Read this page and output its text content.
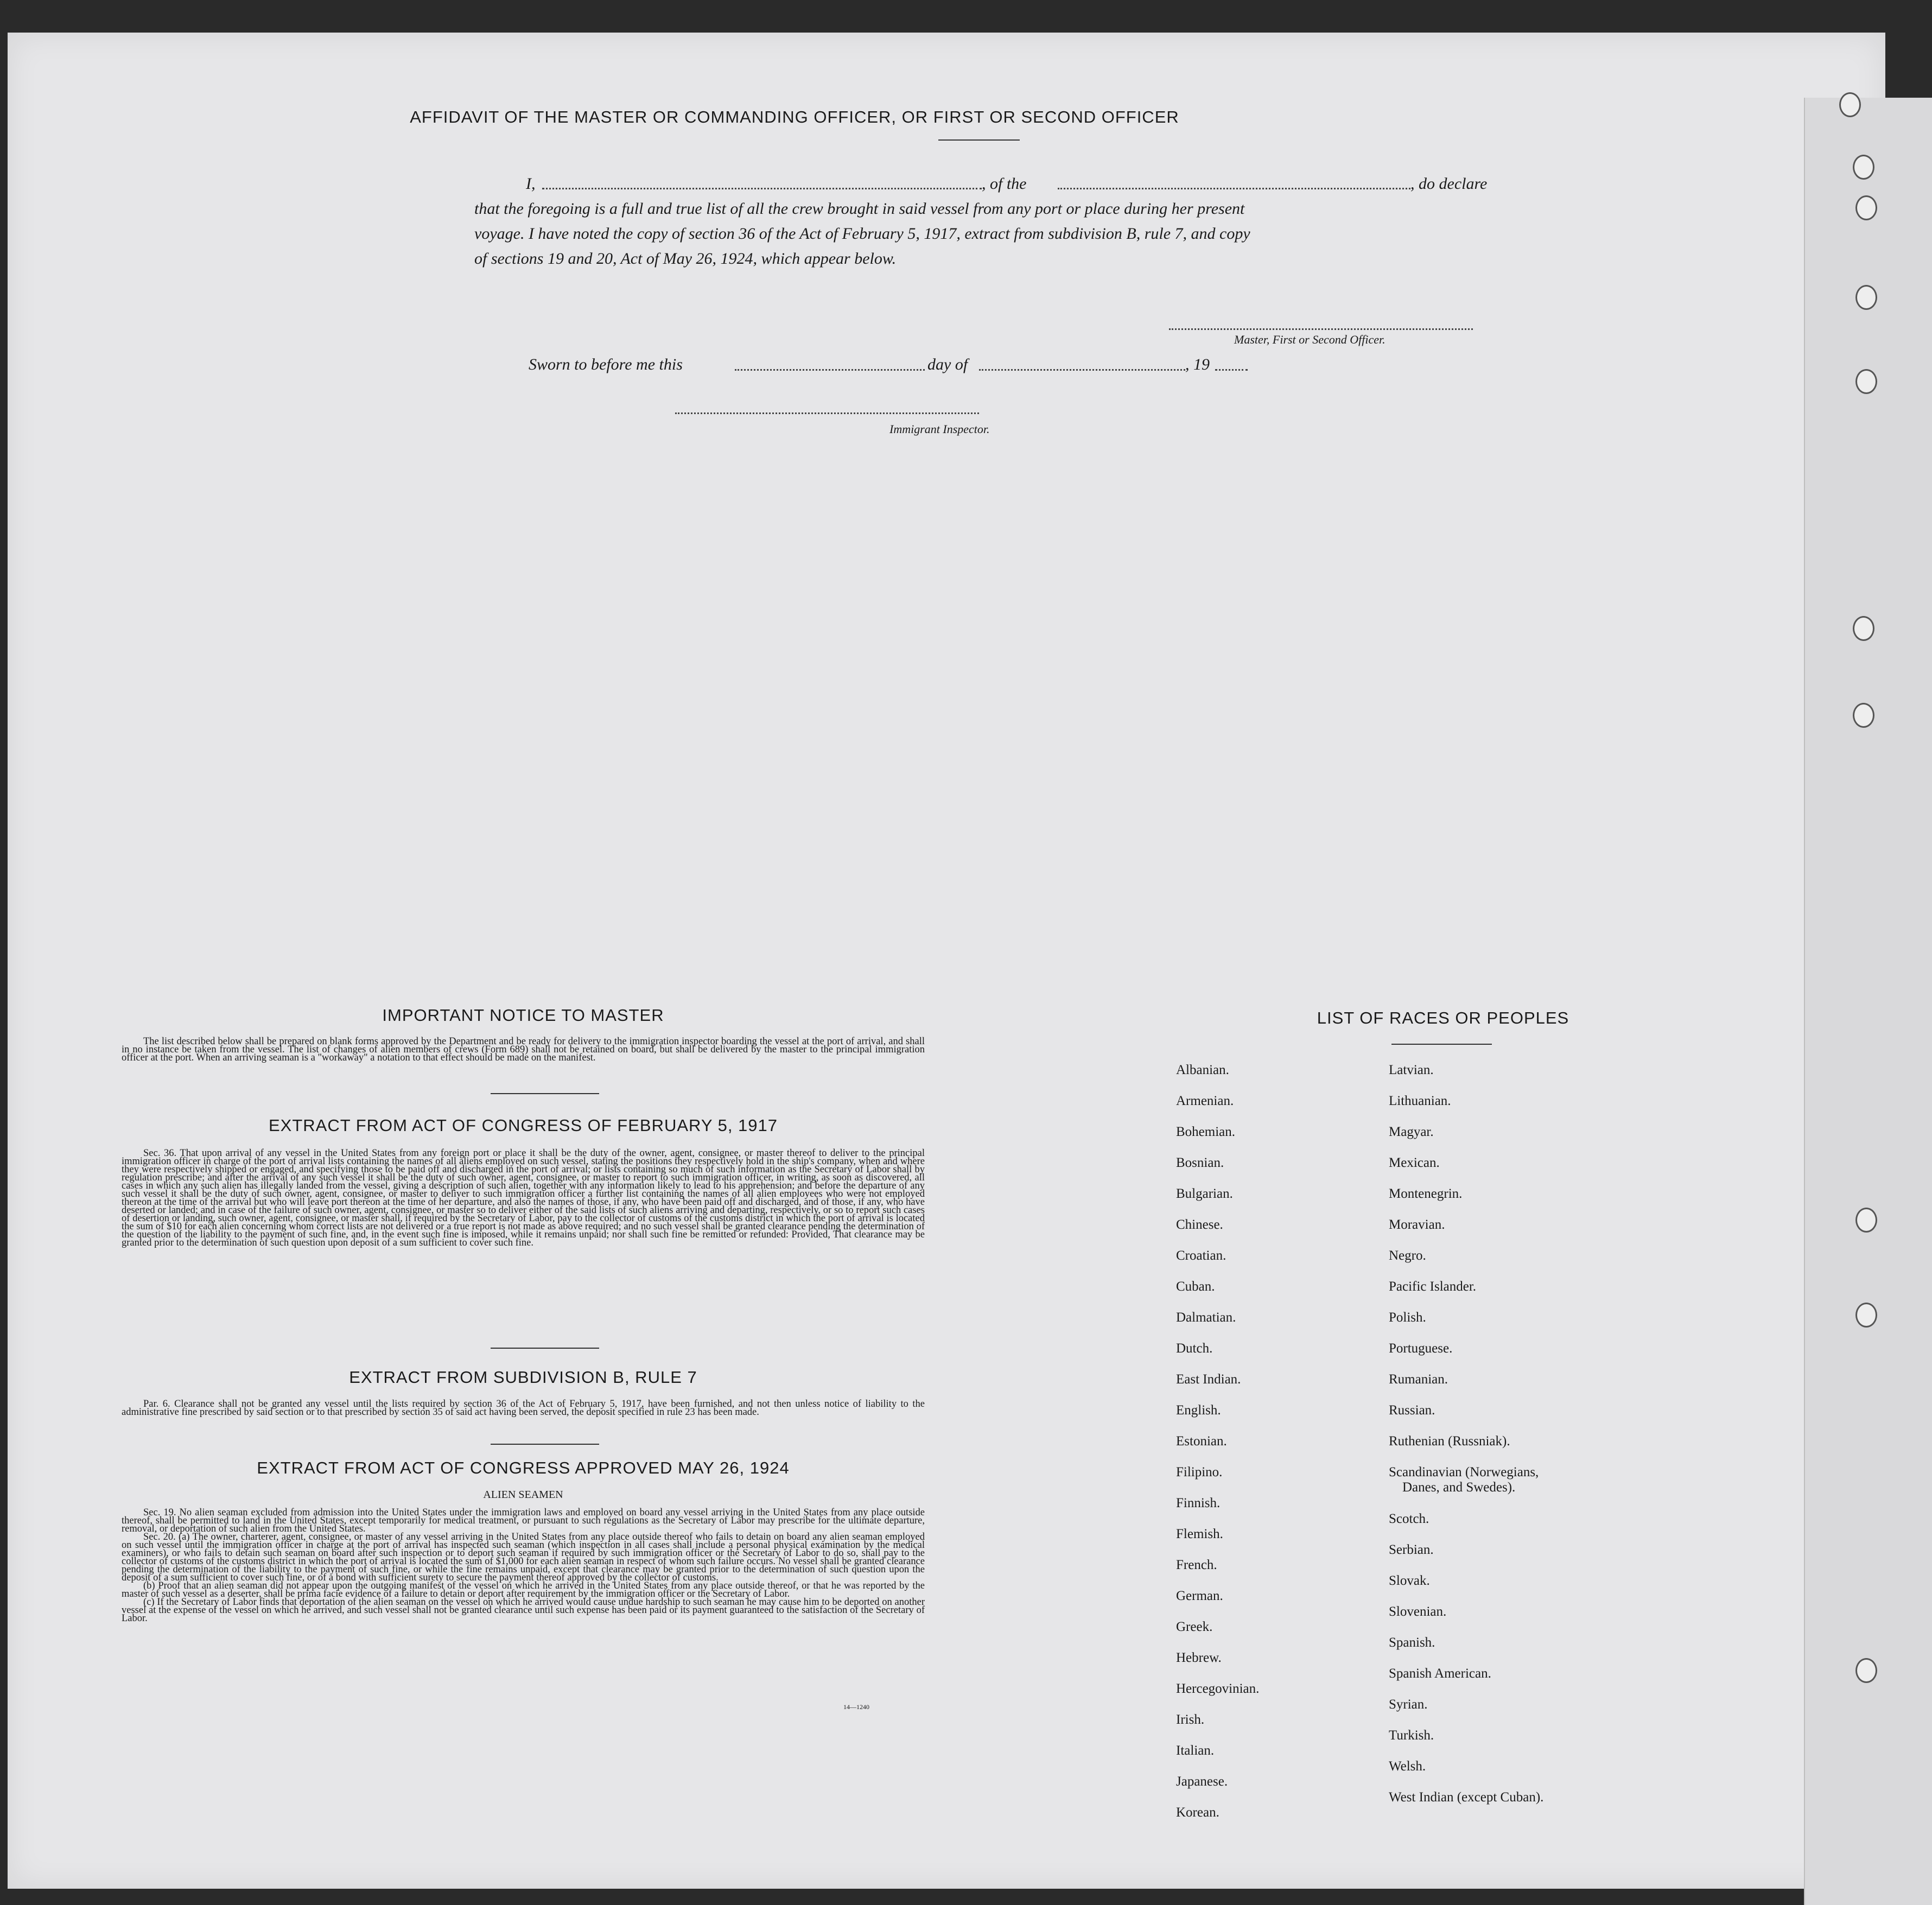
AFFIDAVIT OF THE MASTER OR COMMANDING OFFICER, OR FIRST OR SECOND OFFICER
I,	, of the	, do declare
that the foregoing is a full and true list of all the crew brought in said vessel from any port or place during her present
voyage. I have noted the copy of section 36 of the Act of February 5, 1917, extract from subdivision B, rule 7, and copy
of sections 19 and 20, Act of May 26, 1924, which appear below.
Master, First or Second Officer.
Sworn to before me this	day of	, 19
Immigrant Inspector.
IMPORTANT NOTICE TO MASTER
The list described below shall be prepared on blank forms approved by the Department and be ready for delivery to the immigration inspector boarding the vessel at the port of arrival, and shall in no instance be taken from the vessel. The list of changes of alien members of crews (Form 689) shall not be retained on board, but shall be delivered by the master to the principal immigration officer at the port. When an arriving seaman is a "workaway" a notation to that effect should be made on the manifest.
EXTRACT FROM ACT OF CONGRESS OF FEBRUARY 5, 1917
Sec. 36. That upon arrival of any vessel in the United States from any foreign port or place it shall be the duty of the owner, agent, consignee, or master thereof to deliver to the principal immigration officer in charge of the port of arrival lists containing the names of all aliens employed on such vessel, stating the positions they respectively hold in the ship's company, when and where they were respectively shipped or engaged, and specifying those to be paid off and discharged in the port of arrival; or lists containing so much of such information as the Secretary of Labor shall by regulation prescribe; and after the arrival of any such vessel it shall be the duty of such owner, agent, consignee, or master to report to such immigration officer, in writing, as soon as discovered, all cases in which any such alien has illegally landed from the vessel, giving a description of such alien, together with any information likely to lead to his apprehension; and before the departure of any such vessel it shall be the duty of such owner, agent, consignee, or master to deliver to such immigration officer a further list containing the names of all alien employees who were not employed thereon at the time of the arrival but who will leave port thereon at the time of her departure, and also the names of those, if any, who have been paid off and discharged, and of those, if any, who have deserted or landed; and in case of the failure of such owner, agent, consignee, or master so to deliver either of the said lists of such aliens arriving and departing, respectively, or so to report such cases of desertion or landing, such owner, agent, consignee, or master shall, if required by the Secretary of Labor, pay to the collector of customs of the customs district in which the port of arrival is located the sum of $10 for each alien concerning whom correct lists are not delivered or a true report is not made as above required; and no such vessel shall be granted clearance pending the determination of the question of the liability to the payment of such fine, and, in the event such fine is imposed, while it remains unpaid; nor shall such fine be remitted or refunded: Provided, That clearance may be granted prior to the determination of such question upon deposit of a sum sufficient to cover such fine.
EXTRACT FROM SUBDIVISION B, RULE 7
Par. 6. Clearance shall not be granted any vessel until the lists required by section 36 of the Act of February 5, 1917, have been furnished, and not then unless notice of liability to the administrative fine prescribed by said section or to that prescribed by section 35 of said act having been served, the deposit specified in rule 23 has been made.
EXTRACT FROM ACT OF CONGRESS APPROVED MAY 26, 1924
ALIEN SEAMEN

Sec. 19. No alien seaman excluded from admission into the United States under the immigration laws and employed on board any vessel arriving in the United States from any place outside thereof, shall be permitted to land in the United States, except temporarily for medical treatment, or pursuant to such regulations as the Secretary of Labor may prescribe for the ultimate departure, removal, or deportation of such alien from the United States.

Sec. 20. (a) The owner, charterer, agent, consignee, or master of any vessel arriving in the United States from any place outside thereof who fails to detain on board any alien seaman employed on such vessel until the immigration officer in charge at the port of arrival has inspected such seaman (which inspection in all cases shall include a personal physical examination by the medical examiners), or who fails to detain such seaman on board after such inspection or to deport such seaman if required by such immigration officer or the Secretary of Labor to do so, shall pay to the collector of customs of the customs district in which the port of arrival is located the sum of $1,000 for each alien seaman in respect of whom such failure occurs. No vessel shall be granted clearance pending the determination of the liability to the payment of such fine, or while the fine remains unpaid, except that clearance may be granted prior to the determination of such question upon the deposit of a sum sufficient to cover such fine, or of a bond with sufficient surety to secure the payment thereof approved by the collector of customs.

(b) Proof that an alien seaman did not appear upon the outgoing manifest of the vessel on which he arrived in the United States from any place outside thereof, or that he was reported by the master of such vessel as a deserter, shall be prima facie evidence of a failure to detain or deport after requirement by the immigration officer or the Secretary of Labor.

(c) If the Secretary of Labor finds that deportation of the alien seaman on the vessel on which he arrived would cause undue hardship to such seaman he may cause him to be deported on another vessel at the expense of the vessel on which he arrived, and such vessel shall not be granted clearance until such expense has been paid or its payment guaranteed to the satisfaction of the Secretary of Labor.

14—1240
LIST OF RACES OR PEOPLES
Albanian.
Armenian.
Bohemian.
Bosnian.
Bulgarian.
Chinese.
Croatian.
Cuban.
Dalmatian.
Dutch.
East Indian.
English.
Estonian.
Filipino.
Finnish.
Flemish.
French.
German.
Greek.
Hebrew.
Hercegovinian.
Irish.
Italian.
Japanese.
Korean.
Latvian.
Lithuanian.
Magyar.
Mexican.
Montenegrin.
Moravian.
Negro.
Pacific Islander.
Polish.
Portuguese.
Rumanian.
Russian.
Ruthenian (Russniak).
Scandinavian (Norwegians,
Danes, and Swedes).
Scotch.
Serbian.
Slovak.
Slovenian.
Spanish.
Spanish American.
Syrian.
Turkish.
Welsh.
West Indian (except Cuban).
